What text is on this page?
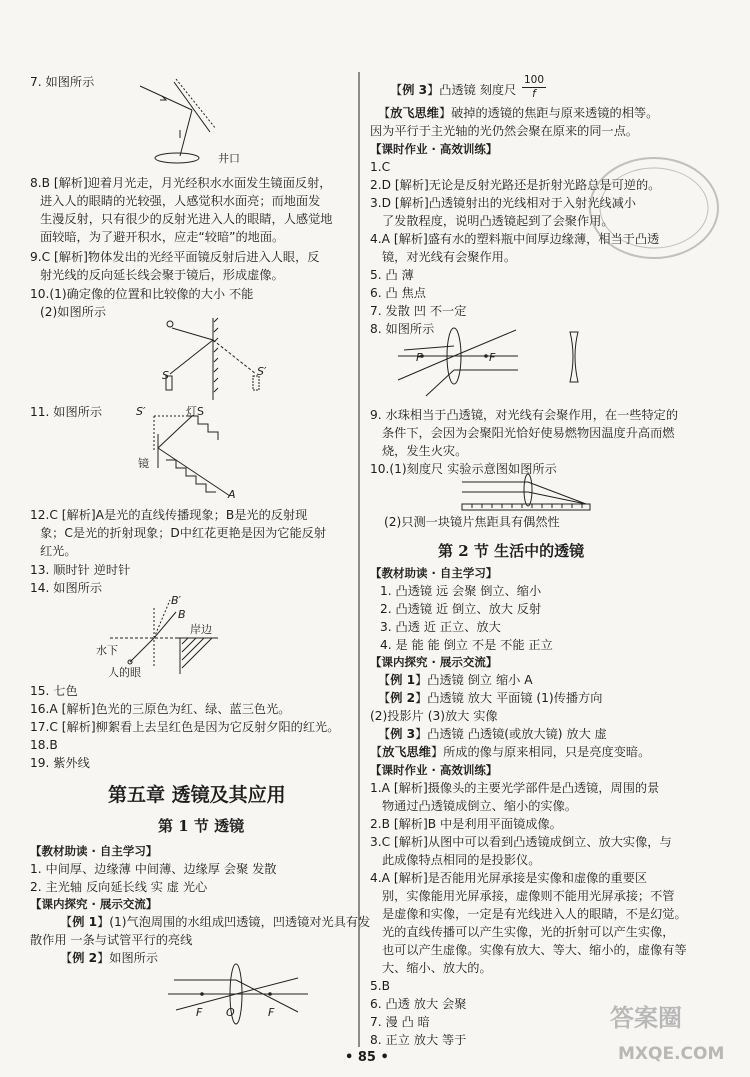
7. 如图所示
井口
8.B [解析]迎着月光走，月光经积水水面发生镜面反射，
进入人的眼睛的光较强，人感觉积水面亮；而地面发
生漫反射，只有很少的反射光进入人的眼睛，人感觉地
面较暗，为了避开积水，应走“较暗”的地面。
9.C [解析]物体发出的光经平面镜反射后进入人眼，反
射光线的反向延长线会聚于镜后，形成虚像。
10.(1)确定像的位置和比较像的大小 不能
(2)如图所示
S	S′
11. 如图所示	S′	灯S
镜
A
12.C [解析]A是光的直线传播现象；B是光的反射现
象；C是光的折射现象；D中红花更艳是因为它能反射
红光。
13. 顺时针 逆时针
14. 如图所示
B′
B
岸边
水下
人的眼
15. 七色
16.A [解析]色光的三原色为红、绿、蓝三色光。
17.C [解析]柳絮看上去呈红色是因为它反射夕阳的红光。
18.B
19. 紫外线
第五章 透镜及其应用
第 1 节 透镜
【教材助读 · 自主学习】
1. 中间厚、边缘薄 中间薄、边缘厚 会聚 发散
2. 主光轴 反向延长线 实 虚 光心
【课内探究 · 展示交流】
【例 1】(1)气泡周围的水组成凹透镜，凹透镜对光具有发
散作用 一条与试管平行的亮线
【例 2】如图所示
F O	F
【例 3】凸透镜 刻度尺 $\frac{100}{f}$
【放飞思维】破掉的透镜的焦距与原来透镜的相等。
因为平行于主光轴的光仍然会聚在原来的同一点。
【课时作业 · 高效训练】
1.C
2.D [解析]无论是反射光路还是折射光路总是可逆的。
3.D [解析]凸透镜射出的光线相对于入射光线减小
了发散程度，说明凸透镜起到了会聚作用。
4.A [解析]盛有水的塑料瓶中间厚边缘薄，相当于凸透
镜，对光线有会聚作用。
5. 凸 薄
6. 凸 焦点
7. 发散 凹 不一定
8. 如图所示
F	F
9. 水珠相当于凸透镜，对光线有会聚作用，在一些特定的
条件下，会因为会聚阳光恰好使易燃物因温度升高而燃
烧，发生火灾。
10.(1)刻度尺 实验示意图如图所示
(2)只测一块镜片焦距具有偶然性
第 2 节 生活中的透镜
【教材助读 · 自主学习】
1. 凸透镜 远 会聚 倒立、缩小
2. 凸透镜 近 倒立、放大 反射
3. 凸透 近 正立、放大
4. 是 能 能 倒立 不是 不能 正立
【课内探究 · 展示交流】
【例 1】凸透镜 倒立 缩小 A
【例 2】凸透镜 放大 平面镜 (1)传播方向
(2)投影片 (3)放大 实像
【例 3】凸透镜 凸透镜(或放大镜) 放大 虚
【放飞思维】所成的像与原来相同，只是亮度变暗。
【课时作业 · 高效训练】
1.A [解析]摄像头的主要光学部件是凸透镜，周围的景
物通过凸透镜成倒立、缩小的实像。
2.B [解析]B 中是利用平面镜成像。
3.C [解析]从图中可以看到凸透镜成倒立、放大实像，与
此成像特点相同的是投影仪。
4.A [解析]是否能用光屏承接是实像和虚像的重要区
别，实像能用光屏承接，虚像则不能用光屏承接；不管
是虚像和实像，一定是有光线进入人的眼睛，不是幻觉。
光的直线传播可以产生实像，光的折射可以产生实像，
也可以产生虚像。实像有放大、等大、缩小的，虚像有等
大、缩小、放大的。
5.B
6. 凸透 放大 会聚
7. 漫 凸 暗
8. 正立 放大 等于
• 85 •
答案圈
MXQE.COM
